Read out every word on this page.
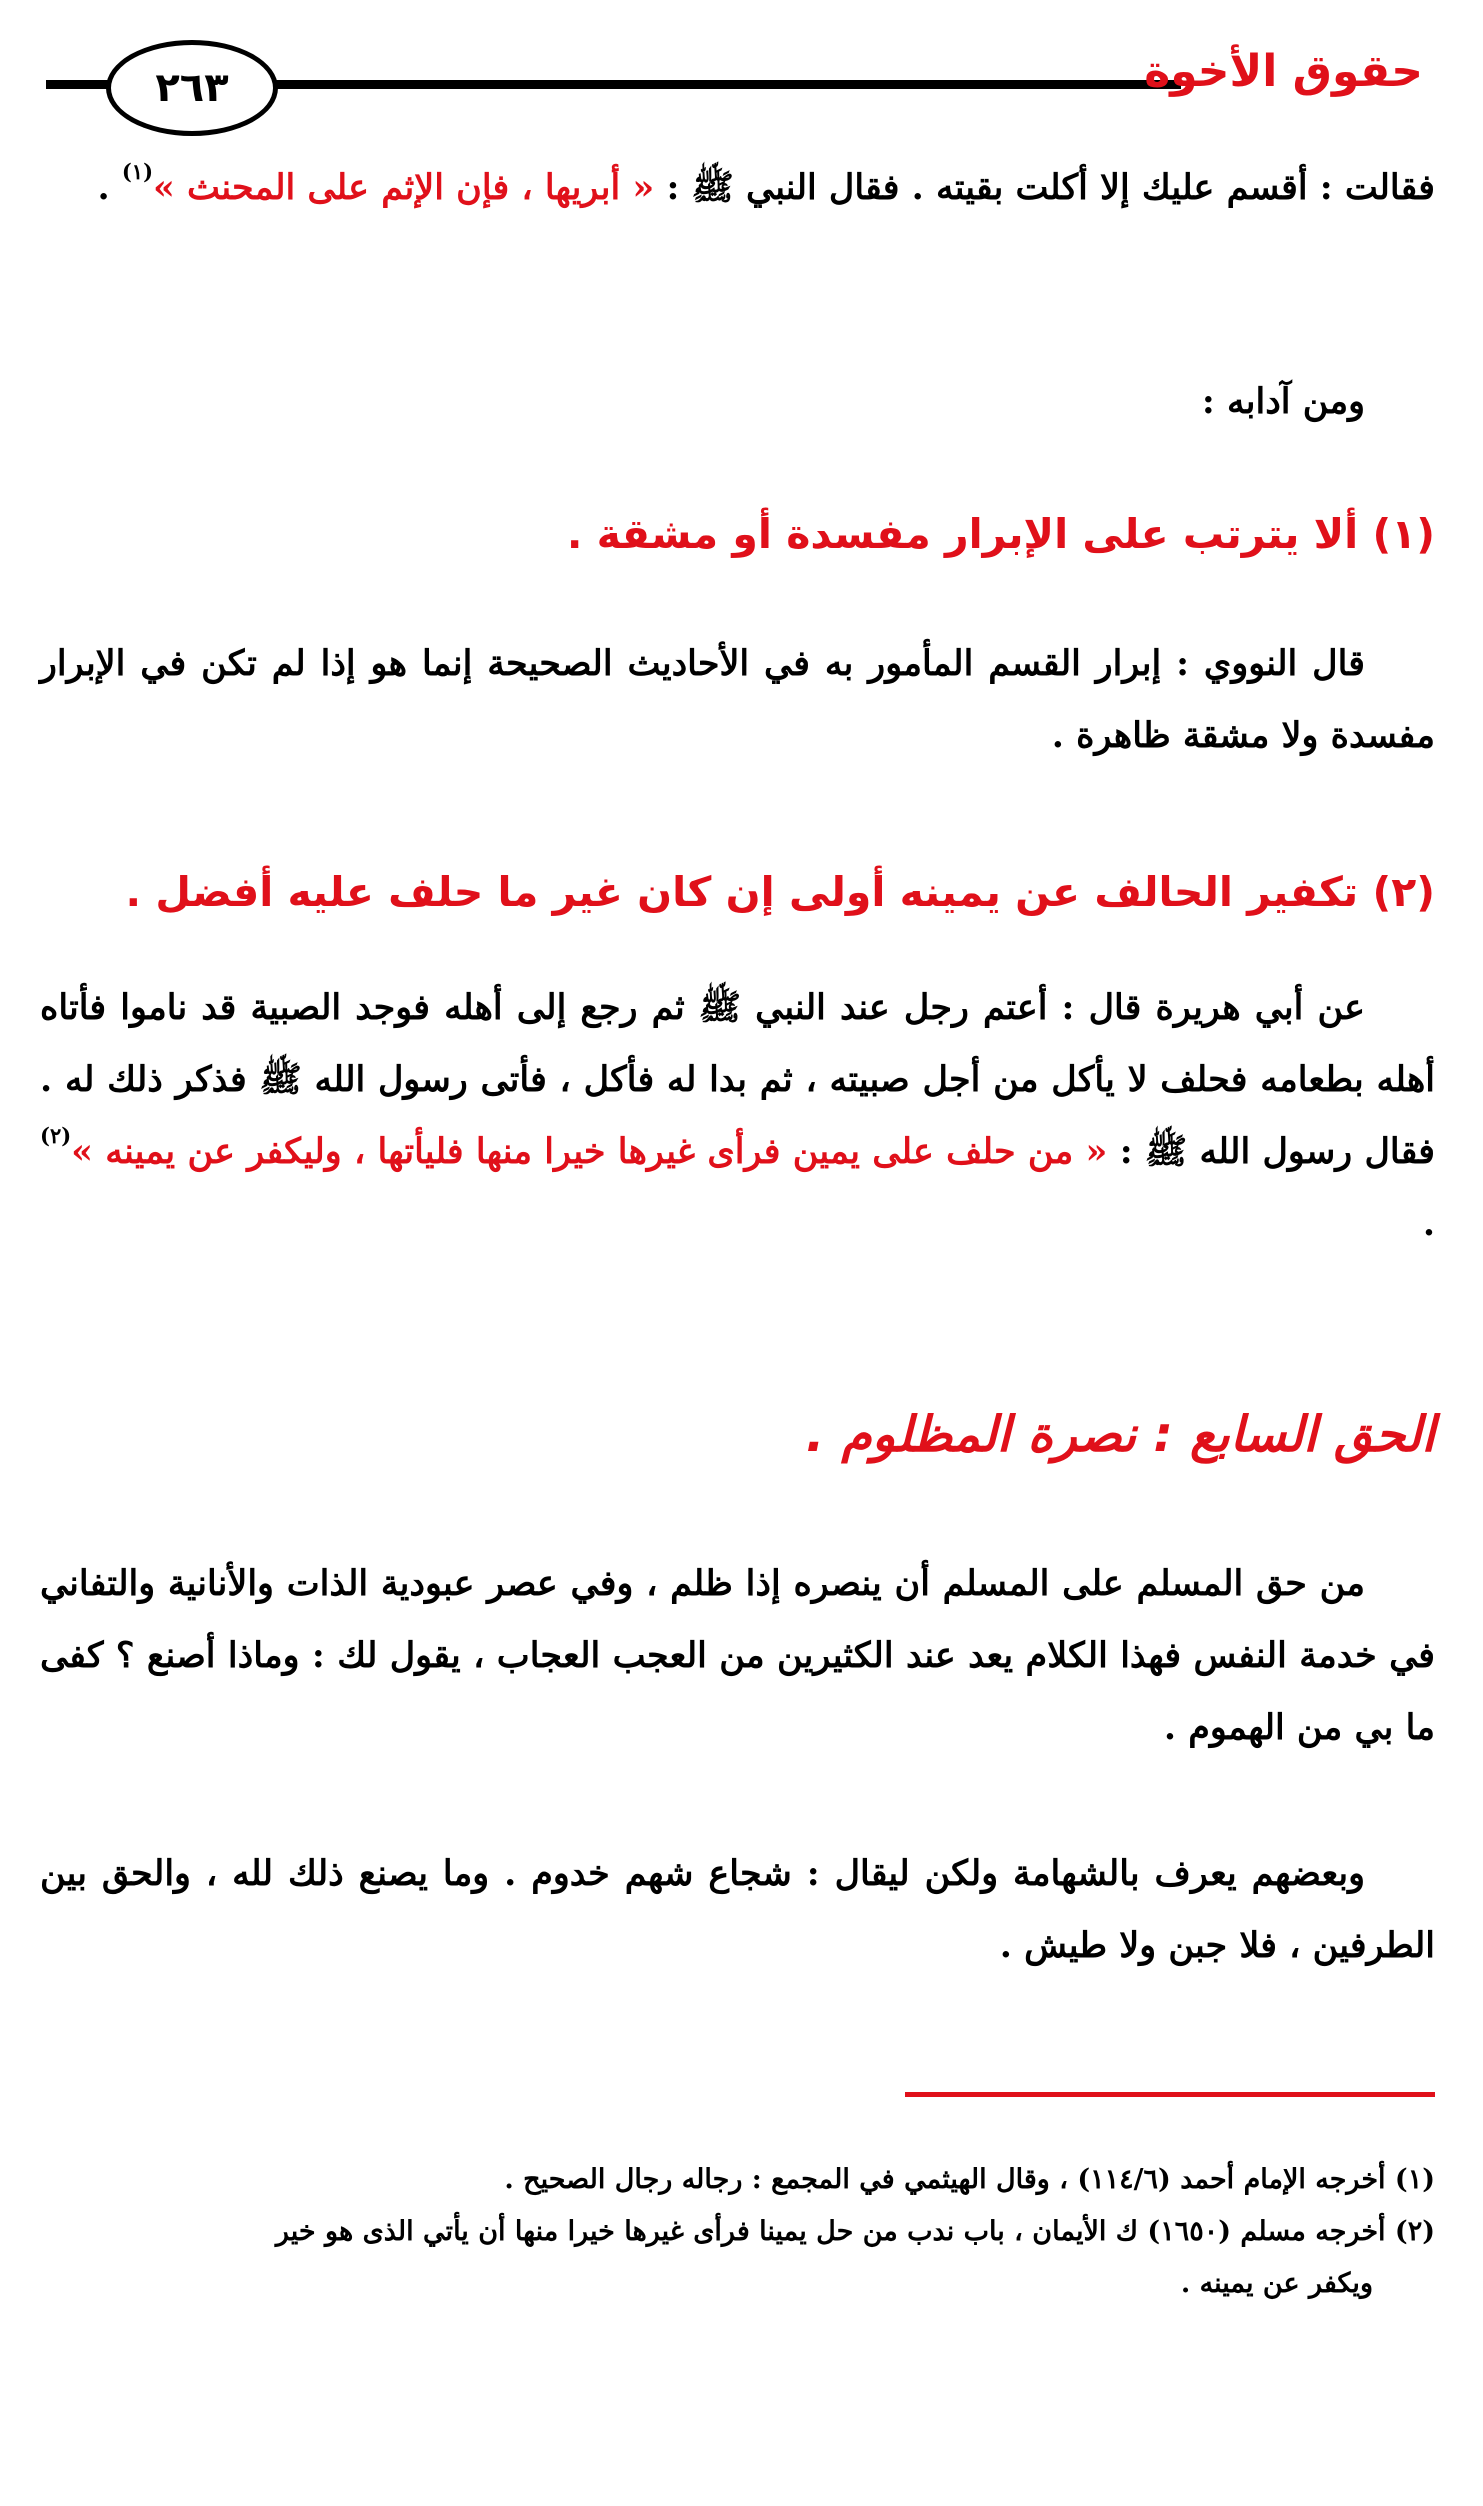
٢٦٣	حقوق الأخوة
فقالت : أقسم عليك إلا أكلت بقيته . فقال النبي ﷺ : « أبريها ، فإن الإثم على المحنث »$^{(١)}$ .
ومن آدابه :
(١) ألا يترتب على الإبرار مفسدة أو مشقة .
قال النووي : إبرار القسم المأمور به في الأحاديث الصحيحة إنما هو إذا لم تكن في الإبرار مفسدة ولا مشقة ظاهرة .
(٢) تكفير الحالف عن يمينه أولى إن كان غير ما حلف عليه أفضل .
عن أبي هريرة قال : أعتم رجل عند النبي ﷺ ثم رجع إلى أهله فوجد الصبية قد ناموا فأتاه أهله بطعامه فحلف لا يأكل من أجل صبيته ، ثم بدا له فأكل ، فأتى رسول الله ﷺ فذكر ذلك له . فقال رسول الله ﷺ : « من حلف على يمين فرأى غيرها خيرا منها فليأتها ، وليكفر عن يمينه »$^{(٢)}$ .
الحق السابع : نصرة المظلوم .
من حق المسلم على المسلم أن ينصره إذا ظلم ، وفي عصر عبودية الذات والأنانية والتفاني في خدمة النفس فهذا الكلام يعد عند الكثيرين من العجب العجاب ، يقول لك : وماذا أصنع ؟ كفى ما بي من الهموم .
وبعضهم يعرف بالشهامة ولكن ليقال : شجاع شهم خدوم . وما يصنع ذلك لله ، والحق بين الطرفين ، فلا جبن ولا طيش .
(١) أخرجه الإمام أحمد (١١٤/٦) ، وقال الهيثمي في المجمع : رجاله رجال الصحيح .
(٢) أخرجه مسلم (١٦٥٠) ك الأيمان ، باب ندب من حل يمينا فرأى غيرها خيرا منها أن يأتي الذى هو خير
ويكفر عن يمينه .
